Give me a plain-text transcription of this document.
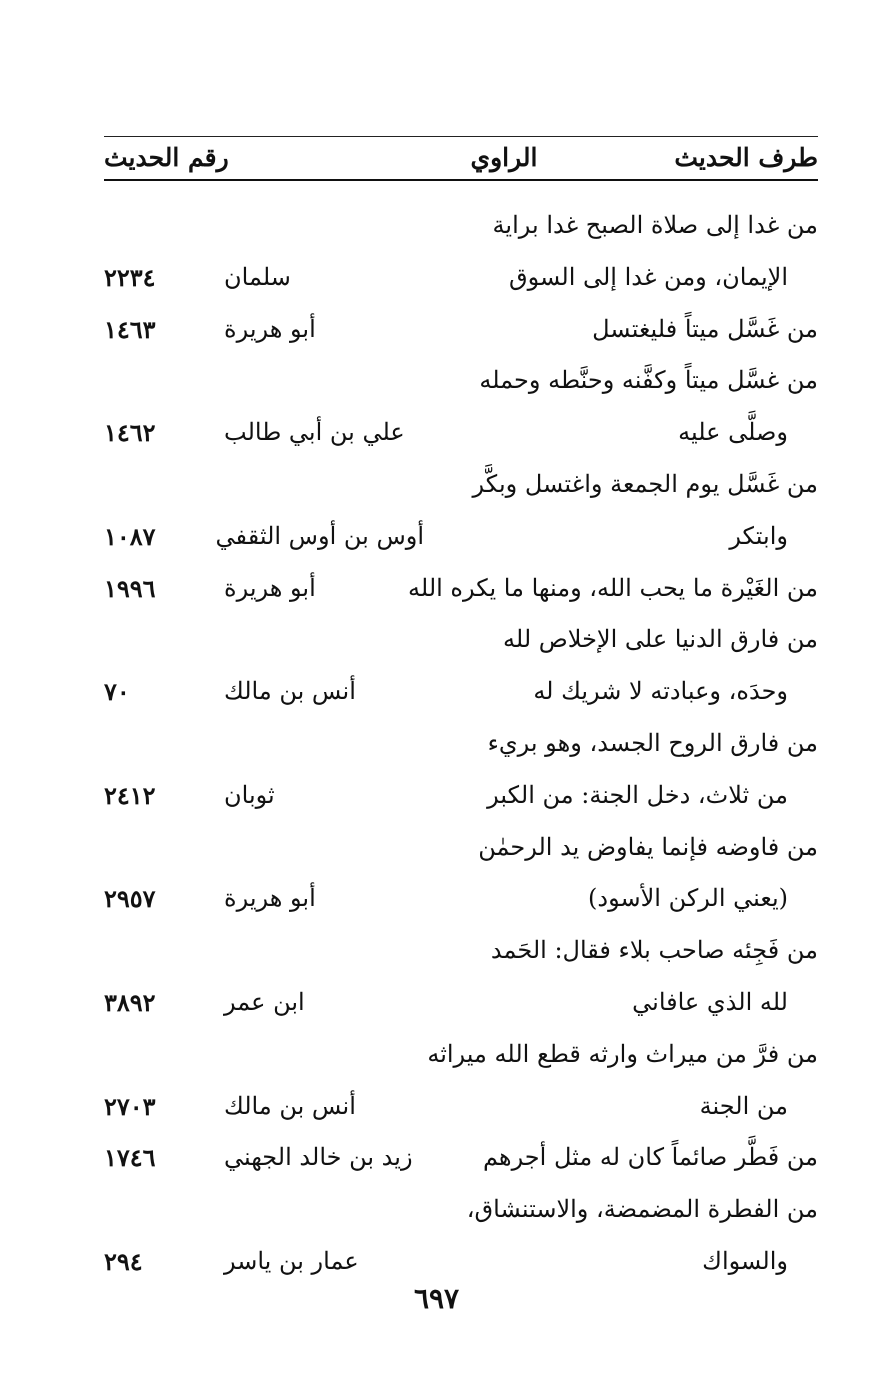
طرف الحديث
الراوي
رقم الحديث
من غدا إلى صلاة الصبح غدا براية
الإيمان، ومن غدا إلى السوق
سلمان
٢٢٣٤
من غَسَّل ميتاً فليغتسل
أبو هريرة
١٤٦٣
من غسَّل ميتاً وكفَّنه وحنَّطه وحمله
وصلَّى عليه
علي بن أبي طالب
١٤٦٢
من غَسَّل يوم الجمعة واغتسل وبكَّر
وابتكر
أوس بن أوس الثقفي
١٠٨٧
من الغَيْرة ما يحب الله، ومنها ما يكره الله
أبو هريرة
١٩٩٦
من فارق الدنيا على الإخلاص لله
وحدَه، وعبادته لا شريك له
أنس بن مالك
٧٠
من فارق الروح الجسد، وهو بريء
من ثلاث، دخل الجنة: من الكبر
ثوبان
٢٤١٢
من فاوضه فإنما يفاوض يد الرحمٰن
(يعني الركن الأسود)
أبو هريرة
٢٩٥٧
من فَجِئه صاحب بلاء فقال: الحَمد
لله الذي عافاني
ابن عمر
٣٨٩٢
من فرَّ من ميراث وارثه قطع الله ميراثه
من الجنة
أنس بن مالك
٢٧٠٣
من فَطَّر صائماً كان له مثل أجرهم
زيد بن خالد الجهني
١٧٤٦
من الفطرة المضمضة، والاستنشاق،
والسواك
عمار بن ياسر
٢٩٤
٦٩٧
